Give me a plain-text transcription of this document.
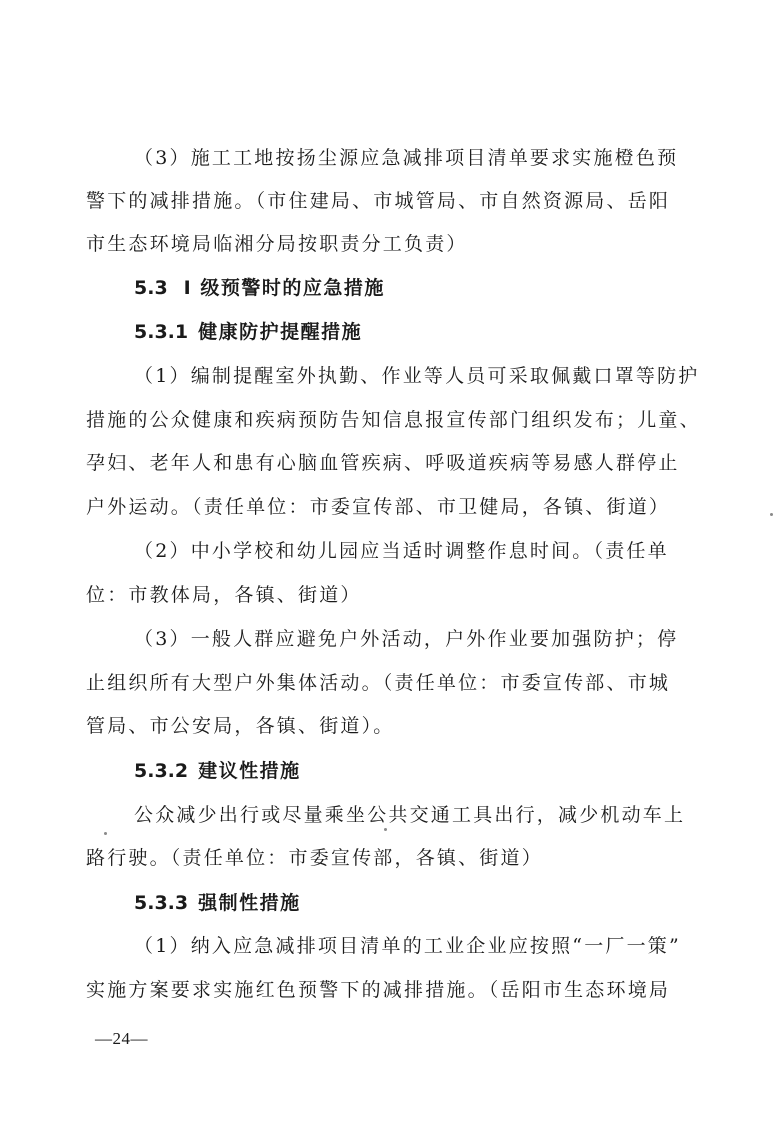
（3）施工工地按扬尘源应急减排项目清单要求实施橙色预
警下的减排措施。（市住建局、市城管局、市自然资源局、岳阳
市生态环境局临湘分局按职责分工负责）
5.3 I 级预警时的应急措施
5.3.1 健康防护提醒措施
（1）编制提醒室外执勤、作业等人员可采取佩戴口罩等防护
措施的公众健康和疾病预防告知信息报宣传部门组织发布；儿童、
孕妇、老年人和患有心脑血管疾病、呼吸道疾病等易感人群停止
户外运动。（责任单位：市委宣传部、市卫健局，各镇、街道）
（2）中小学校和幼儿园应当适时调整作息时间。（责任单
位：市教体局，各镇、街道）
（3）一般人群应避免户外活动，户外作业要加强防护；停
止组织所有大型户外集体活动。（责任单位：市委宣传部、市城
管局、市公安局，各镇、街道）。
5.3.2 建议性措施
公众减少出行或尽量乘坐公共交通工具出行，减少机动车上
路行驶。（责任单位：市委宣传部，各镇、街道）
5.3.3 强制性措施
（1）纳入应急减排项目清单的工业企业应按照“一厂一策”
实施方案要求实施红色预警下的减排措施。（岳阳市生态环境局
—24—
